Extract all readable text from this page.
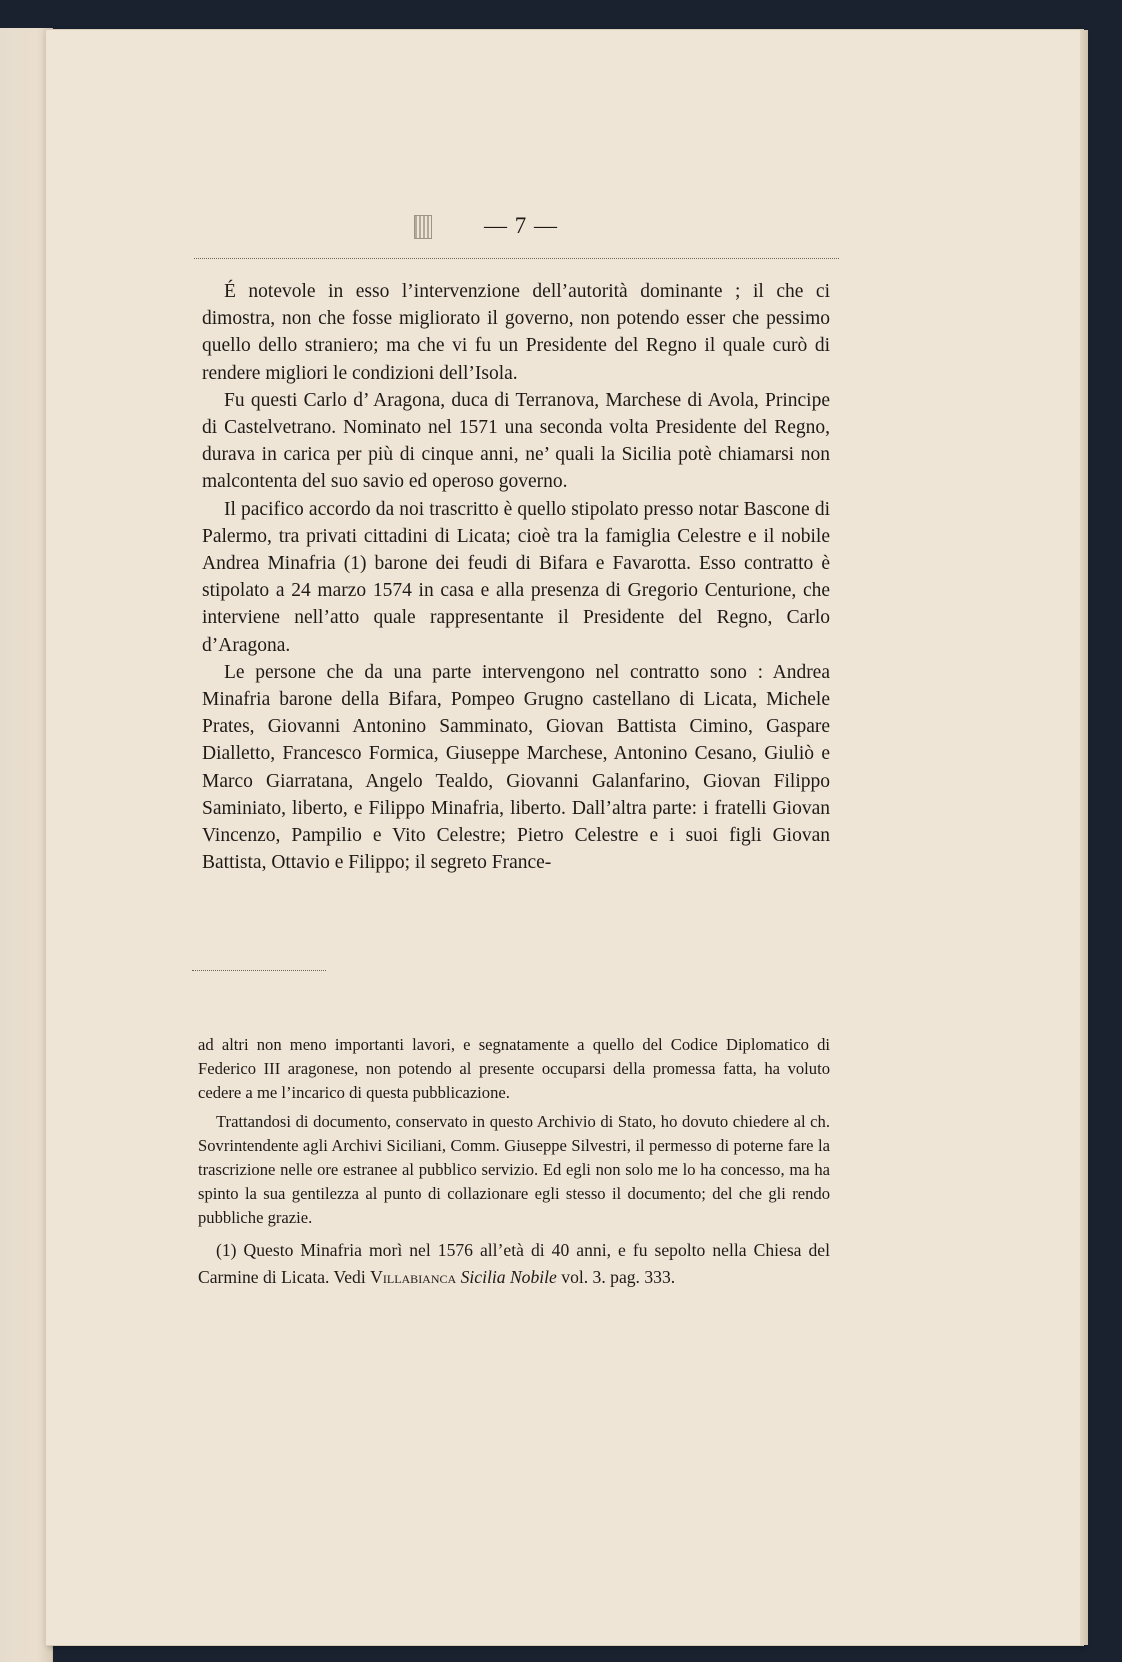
— 7 —

É notevole in esso l’intervenzione dell’autorità dominante ; il che ci dimostra, non che fosse migliorato il governo, non potendo esser che pessimo quello dello straniero; ma che vi fu un Presidente del Regno il quale curò di rendere migliori le condizioni dell’Isola.

Fu questi Carlo d’ Aragona, duca di Terranova, Marchese di Avola, Principe di Castelvetrano. Nominato nel 1571 una seconda volta Presidente del Regno, durava in carica per più di cinque anni, ne’ quali la Sicilia potè chiamarsi non malcontenta del suo savio ed operoso governo.

Il pacifico accordo da noi trascritto è quello stipolato presso notar Bascone di Palermo, tra privati cittadini di Licata; cioè tra la famiglia Celestre e il nobile Andrea Minafria (1) barone dei feudi di Bifara e Favarotta. Esso contratto è stipolato a 24 marzo 1574 in casa e alla presenza di Gregorio Centurione, che interviene nell’atto quale rappresentante il Presidente del Regno, Carlo d’Aragona.

Le persone che da una parte intervengono nel contratto sono : Andrea Minafria barone della Bifara, Pompeo Grugno castellano di Licata, Michele Prates, Giovanni Antonino Samminato, Giovan Battista Cimino, Gaspare Dialletto, Francesco Formica, Giuseppe Marchese, Antonino Cesano, Giuliò e Marco Giarratana, Angelo Tealdo, Giovanni Galanfarino, Giovan Filippo Saminiato, liberto, e Filippo Minafria, liberto. Dall’altra parte: i fratelli Giovan Vincenzo, Pampilio e Vito Celestre; Pietro Celestre e i suoi figli Giovan Battista, Ottavio e Filippo; il segreto France-

ad altri non meno importanti lavori, e segnatamente a quello del Codice Diplomatico di Federico III aragonese, non potendo al presente occuparsi della promessa fatta, ha voluto cedere a me l’incarico di questa pubblicazione.

Trattandosi di documento, conservato in questo Archivio di Stato, ho dovuto chiedere al ch. Sovrintendente agli Archivi Siciliani, Comm. Giuseppe Silvestri, il permesso di poterne fare la trascrizione nelle ore estranee al pubblico servizio. Ed egli non solo me lo ha concesso, ma ha spinto la sua gentilezza al punto di collazionare egli stesso il documento; del che gli rendo pubbliche grazie.

(1) Questo Minafria morì nel 1576 all’età di 40 anni, e fu sepolto nella Chiesa del Carmine di Licata. Vedi Villabianca Sicilia Nobile vol. 3. pag. 333.
